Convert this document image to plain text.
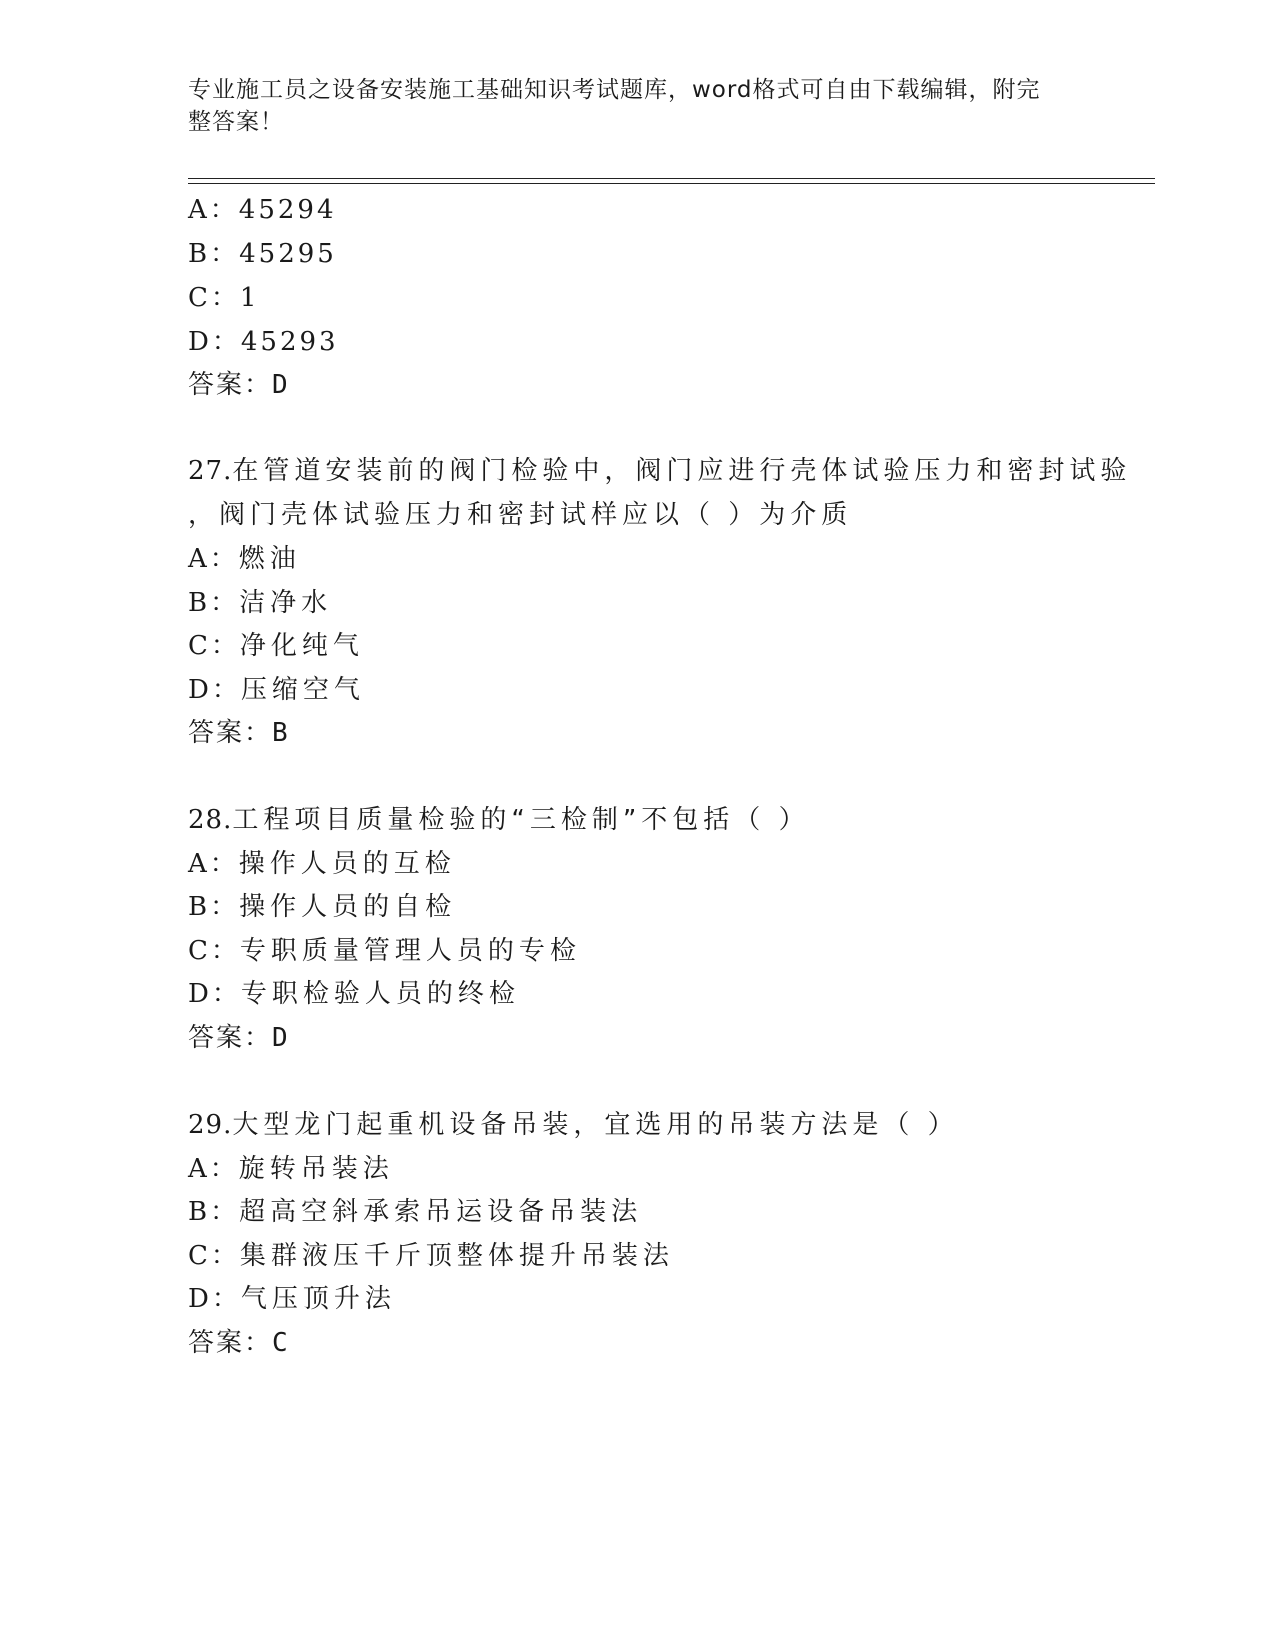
专业施工员之设备安装施工基础知识考试题库，word格式可自由下载编辑，附完
整答案！
A：45294
B：45295
C：1
D：45293
答案：D
27.在管道安装前的阀门检验中，阀门应进行壳体试验压力和密封试验
，阀门壳体试验压力和密封试样应以（ ）为介质
A：燃油
B：洁净水
C：净化纯气
D：压缩空气
答案：B
28.工程项目质量检验的“三检制”不包括（ ）
A：操作人员的互检
B：操作人员的自检
C：专职质量管理人员的专检
D：专职检验人员的终检
答案：D
29.大型龙门起重机设备吊装，宜选用的吊装方法是（ ）
A：旋转吊装法
B：超高空斜承索吊运设备吊装法
C：集群液压千斤顶整体提升吊装法
D：气压顶升法
答案：C
